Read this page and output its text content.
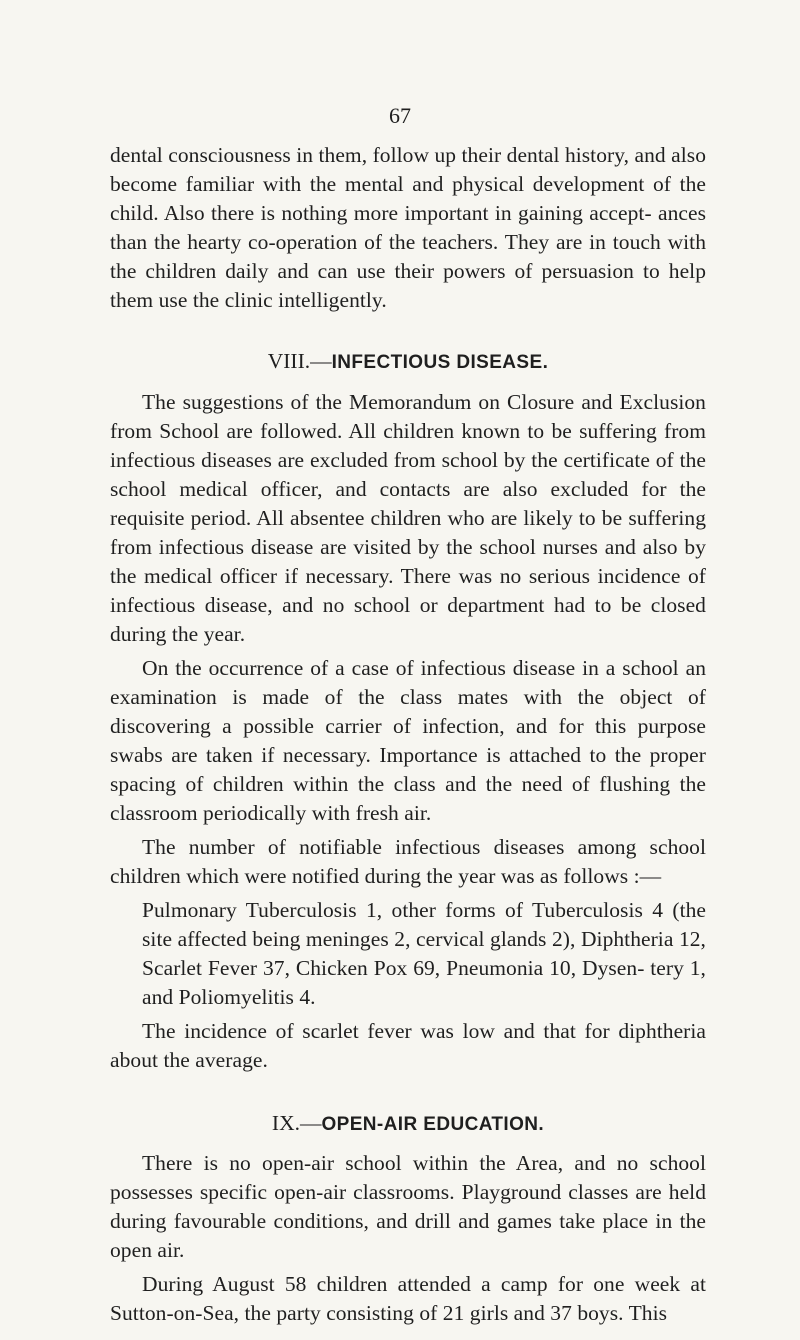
67

dental consciousness in them, follow up their dental history, and also become familiar with the mental and physical development of the child. Also there is nothing more important in gaining accept- ances than the hearty co-operation of the teachers. They are in touch with the children daily and can use their powers of persuasion to help them use the clinic intelligently.

VIII.—INFECTIOUS DISEASE.

The suggestions of the Memorandum on Closure and Exclusion from School are followed. All children known to be suffering from infectious diseases are excluded from school by the certificate of the school medical officer, and contacts are also excluded for the requisite period. All absentee children who are likely to be suffering from infectious disease are visited by the school nurses and also by the medical officer if necessary. There was no serious incidence of infectious disease, and no school or department had to be closed during the year.

On the occurrence of a case of infectious disease in a school an examination is made of the class mates with the object of discovering a possible carrier of infection, and for this purpose swabs are taken if necessary. Importance is attached to the proper spacing of children within the class and the need of flushing the classroom periodically with fresh air.

The number of notifiable infectious diseases among school children which were notified during the year was as follows :—

Pulmonary Tuberculosis 1, other forms of Tuberculosis 4 (the site affected being meninges 2, cervical glands 2), Diphtheria 12, Scarlet Fever 37, Chicken Pox 69, Pneumonia 10, Dysen- tery 1, and Poliomyelitis 4.

The incidence of scarlet fever was low and that for diphtheria about the average.

IX.—OPEN-AIR EDUCATION.

There is no open-air school within the Area, and no school possesses specific open-air classrooms. Playground classes are held during favourable conditions, and drill and games take place in the open air.

During August 58 children attended a camp for one week at Sutton-on-Sea, the party consisting of 21 girls and 37 boys. This
